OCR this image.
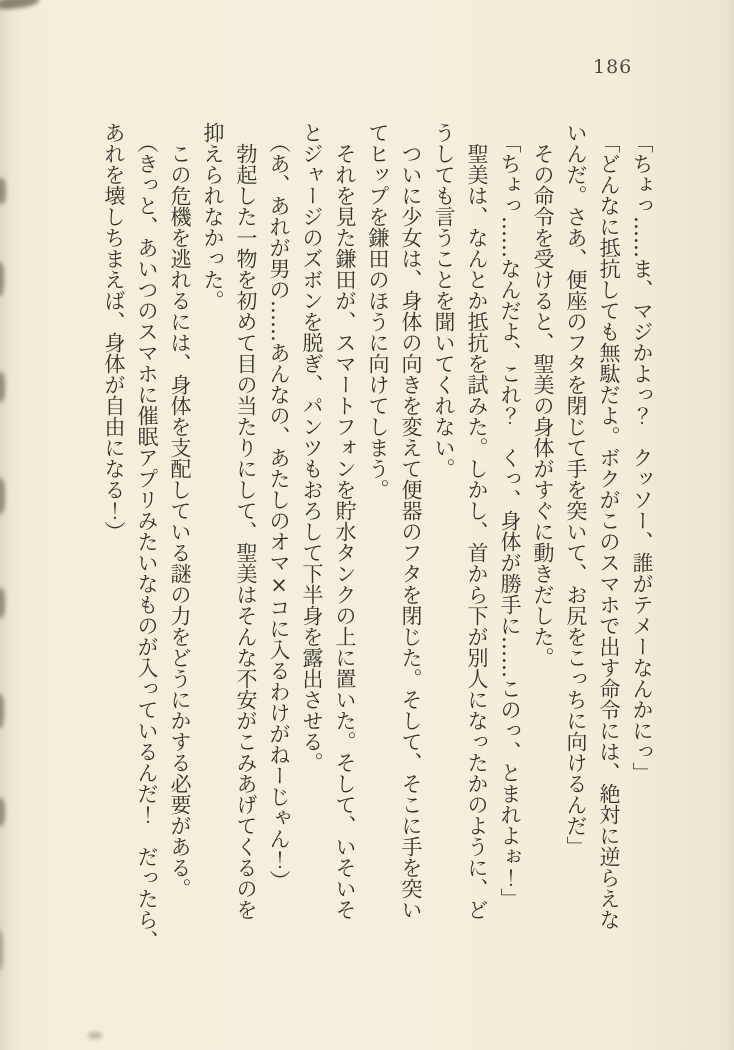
186

「ちょっ……ま、マジかよっ？　クッソー、誰がテメーなんかにっ」

「どんなに抵抗しても無駄だよ。ボクがこのスマホで出す命令には、絶対に逆らえな

いんだ。さあ、便座のフタを閉じて手を突いて、お尻をこっちに向けるんだ」

その命令を受けると、聖美の身体がすぐに動きだした。

「ちょっ……なんだよ、これ？　くっ、身体が勝手に……このっ、とまれよぉ！」

聖美は、なんとか抵抗を試みた。しかし、首から下が別人になったかのように、ど

うしても言うことを聞いてくれない。

ついに少女は、身体の向きを変えて便器のフタを閉じた。そして、そこに手を突い

てヒップを鎌田のほうに向けてしまう。

それを見た鎌田が、スマートフォンを貯水タンクの上に置いた。そして、いそいそ

とジャージのズボンを脱ぎ、パンツもおろして下半身を露出させる。

（あ、あれが男の……あんなの、あたしのオマ×コに入るわけがねーじゃん！）

勃起した一物を初めて目の当たりにして、聖美はそんな不安がこみあげてくるのを

抑えられなかった。

この危機を逃れるには、身体を支配している謎の力をどうにかする必要がある。

（きっと、あいつのスマホに催眠アプリみたいなものが入っているんだ！　だったら、

あれを壊しちまえば、身体が自由になる！）
